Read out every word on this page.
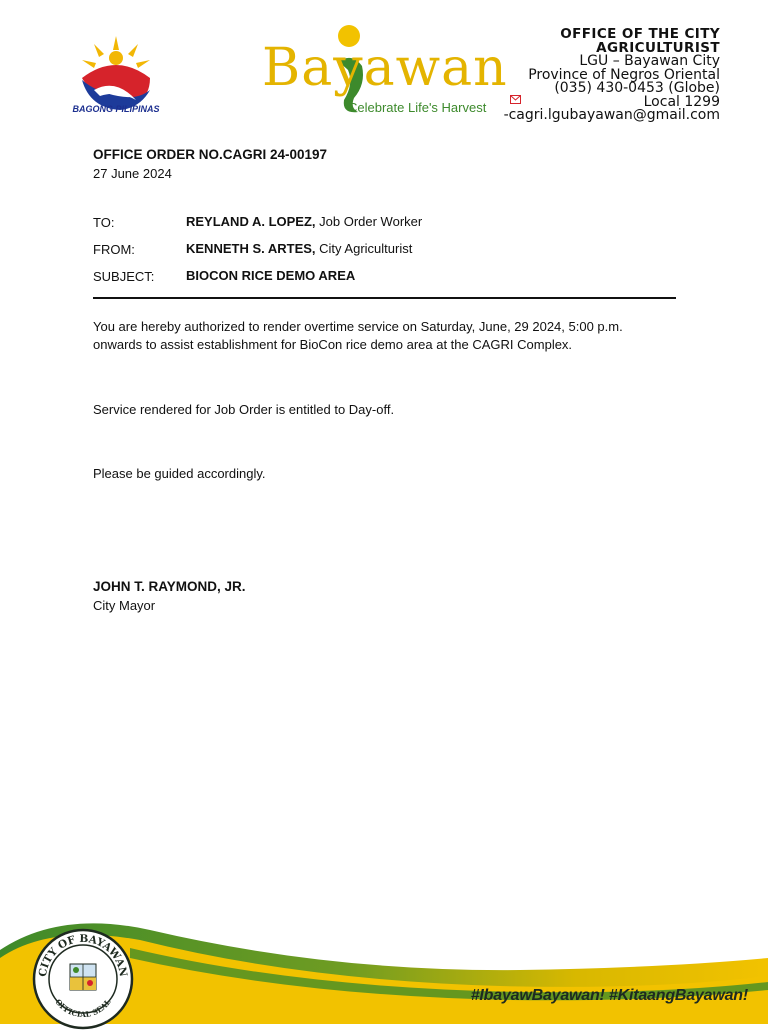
BAGONG PILIPINAS
Bayawan
Celebrate Life's Harvest
OFFICE OF THE CITY
AGRICULTURIST
LGU – Bayawan City
Province of Negros Oriental
(035) 430-0453 (Globe)
Local 1299
-cagri.lgubayawan@gmail.com
OFFICE ORDER NO.CAGRI 24-00197
27 June 2024
TO:	REYLAND A. LOPEZ, Job Order Worker
FROM:	KENNETH S. ARTES, City Agriculturist
SUBJECT: BIOCON RICE DEMO AREA
You are hereby authorized to render overtime service on Saturday, June, 29 2024, 5:00 p.m.
onwards to assist establishment for BioCon rice demo area at the CAGRI Complex.
Service rendered for Job Order is entitled to Day-off.
Please be guided accordingly.
JOHN T. RAYMOND, JR.
City Mayor
CITY OF BAYAWAN
OFFICIAL SEAL	#IbayawBayawan! #KitaangBayawan!
